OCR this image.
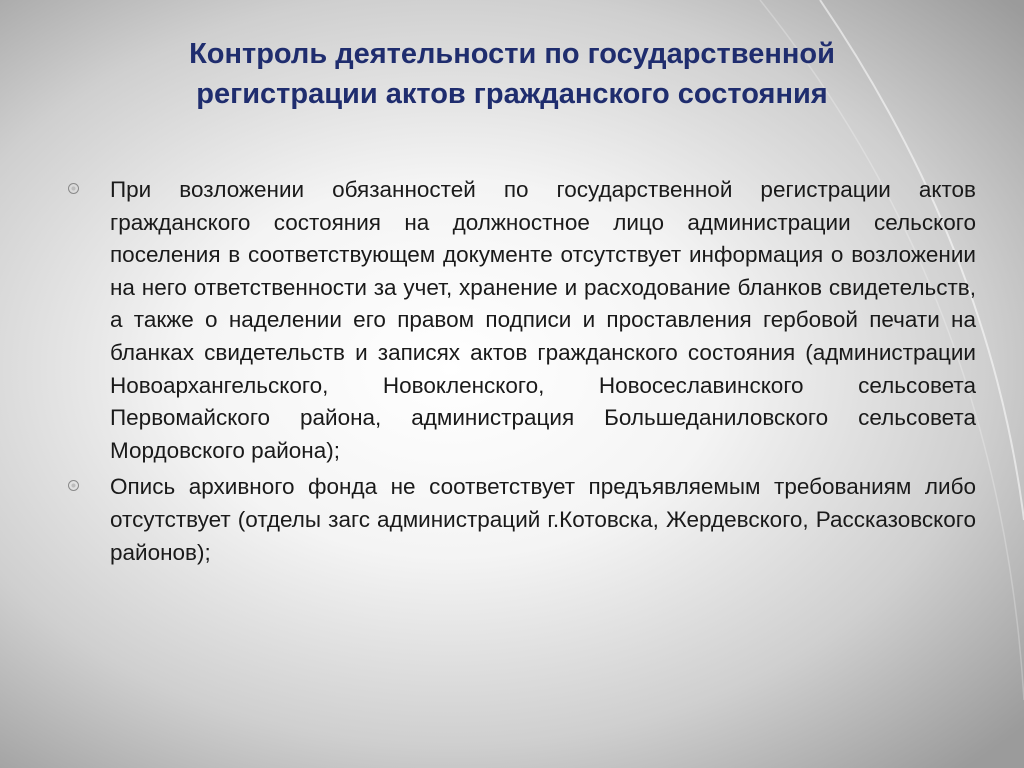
Контроль деятельности по государственной
регистрации актов гражданского состояния
При возложении обязанностей по государственной регистрации актов гражданского состояния на должностное лицо администрации сельского поселения в соответствующем документе отсутствует информация о возложении на него ответственности за учет, хранение и расходование бланков свидетельств, а также о наделении его правом подписи и проставления гербовой печати на бланках свидетельств и записях актов гражданского состояния (администрации Новоархангельского, Новокленского, Новосеславинского сельсовета Первомайского района, администрация Большеданиловского сельсовета Мордовского района);
Опись архивного фонда не соответствует предъявляемым требованиям либо отсутствует (отделы загс администраций г.Котовска, Жердевского, Рассказовского районов);
